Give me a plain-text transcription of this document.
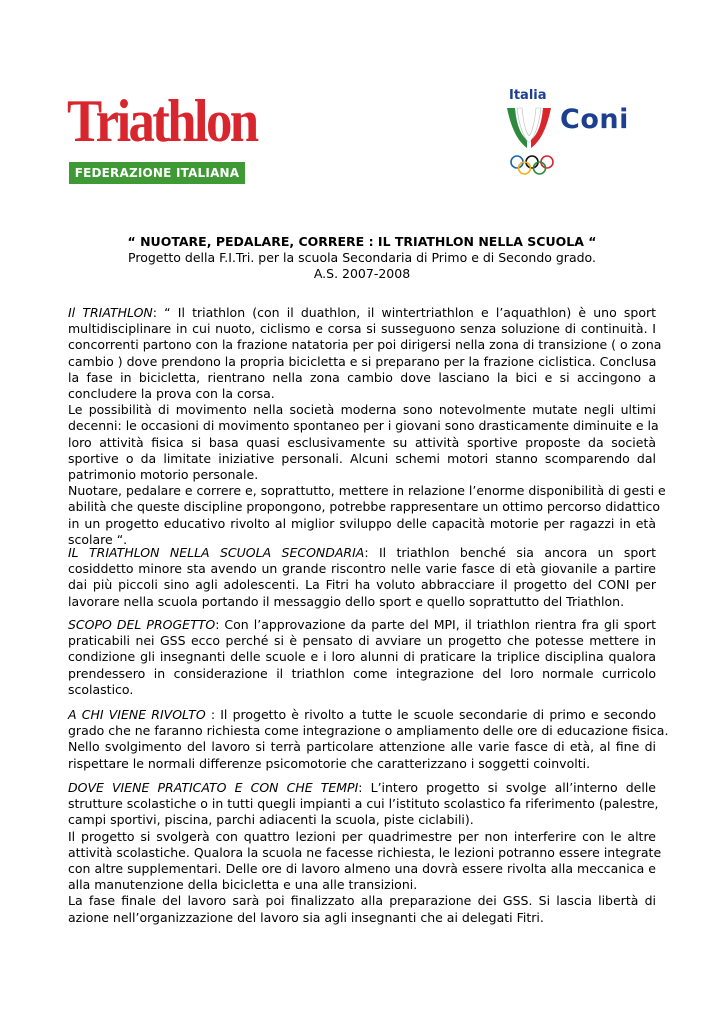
Triathlon
FEDERAZIONE ITALIANA
Italia
Coni
“ NUOTARE, PEDALARE, CORRERE : IL TRIATHLON NELLA SCUOLA “
Progetto della F.I.Tri. per la scuola Secondaria di Primo e di Secondo grado.
A.S. 2007-2008
Il TRIATHLON: “ Il triathlon (con il duathlon, il wintertriathlon e l’aquathlon) è uno sport
multidisciplinare in cui nuoto, ciclismo e corsa si susseguono senza soluzione di continuità. I
concorrenti partono con la frazione natatoria per poi dirigersi nella zona di transizione ( o zona
cambio ) dove prendono la propria bicicletta e si preparano per la frazione ciclistica. Conclusa
la fase in bicicletta, rientrano nella zona cambio dove lasciano la bici e si accingono a
concludere la prova con la corsa.
Le possibilità di movimento nella società moderna sono notevolmente mutate negli ultimi
decenni: le occasioni di movimento spontaneo per i giovani sono drasticamente diminuite e la
loro attività fisica si basa quasi esclusivamente su attività sportive proposte da società
sportive o da limitate iniziative personali. Alcuni schemi motori stanno scomparendo dal
patrimonio motorio personale.
Nuotare, pedalare e correre e, soprattutto, mettere in relazione l’enorme disponibilità di gesti e
abilità che queste discipline propongono, potrebbe rappresentare un ottimo percorso didattico
in un progetto educativo rivolto al miglior sviluppo delle capacità motorie per ragazzi in età
scolare “.
IL TRIATHLON NELLA SCUOLA SECONDARIA: Il triathlon benché sia ancora un sport
cosiddetto minore sta avendo un grande riscontro nelle varie fasce di età giovanile a partire
dai più piccoli sino agli adolescenti. La Fitri ha voluto abbracciare il progetto del CONI per
lavorare nella scuola portando il messaggio dello sport e quello soprattutto del Triathlon.
SCOPO DEL PROGETTO: Con l’approvazione da parte del MPI, il triathlon rientra fra gli sport
praticabili nei GSS ecco perché si è pensato di avviare un progetto che potesse mettere in
condizione gli insegnanti delle scuole e i loro alunni di praticare la triplice disciplina qualora
prendessero in considerazione il triathlon come integrazione del loro normale curricolo
scolastico.
A CHI VIENE RIVOLTO : Il progetto è rivolto a tutte le scuole secondarie di primo e secondo
grado che ne faranno richiesta come integrazione o ampliamento delle ore di educazione fisica.
Nello svolgimento del lavoro si terrà particolare attenzione alle varie fasce di età, al fine di
rispettare le normali differenze psicomotorie che caratterizzano i soggetti coinvolti.
DOVE VIENE PRATICATO E CON CHE TEMPI: L’intero progetto si svolge all’interno delle
strutture scolastiche o in tutti quegli impianti a cui l’istituto scolastico fa riferimento (palestre,
campi sportivi, piscina, parchi adiacenti la scuola, piste ciclabili).
Il progetto si svolgerà con quattro lezioni per quadrimestre per non interferire con le altre
attività scolastiche. Qualora la scuola ne facesse richiesta, le lezioni potranno essere integrate
con altre supplementari. Delle ore di lavoro almeno una dovrà essere rivolta alla meccanica e
alla manutenzione della bicicletta e una alle transizioni.
La fase finale del lavoro sarà poi finalizzato alla preparazione dei GSS. Si lascia libertà di
azione nell’organizzazione del lavoro sia agli insegnanti che ai delegati Fitri.
